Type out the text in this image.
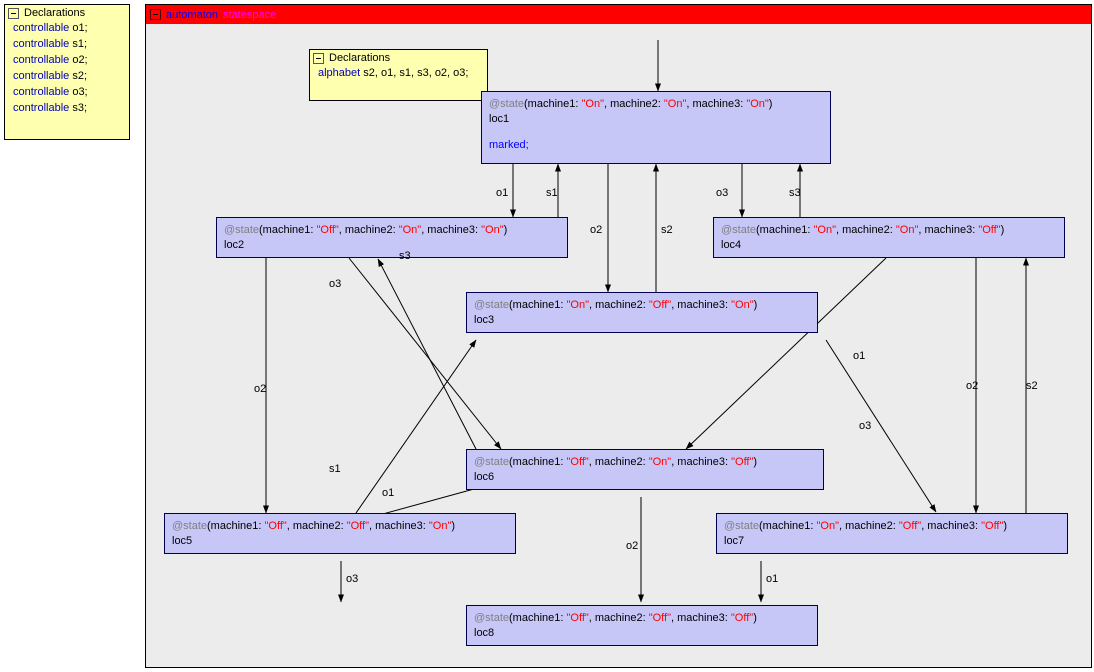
Declarations
controllable o1;
controllable s1;
controllable o2;
controllable s2;
controllable o3;
controllable s3;
automaton statespace
Declarations
alphabet s2, o1, s1, s3, o2, o3;
@state(machine1: "On", machine2: "On", machine3: "On")
loc1
marked;
@state(machine1: "Off", machine2: "On", machine3: "On")
loc2
@state(machine1: "On", machine2: "Off", machine3: "On")
loc3
@state(machine1: "On", machine2: "On", machine3: "Off")
loc4
@state(machine1: "Off", machine2: "Off", machine3: "On")
loc5
@state(machine1: "Off", machine2: "On", machine3: "Off")
loc6
@state(machine1: "On", machine2: "Off", machine3: "Off")
loc7
@state(machine1: "Off", machine2: "Off", machine3: "Off")
loc8
o1	s1	o3	s3
o2	s2
o3
s3
o2
s1
o1
o1
o3
o2	s2
o2
o3	o1
